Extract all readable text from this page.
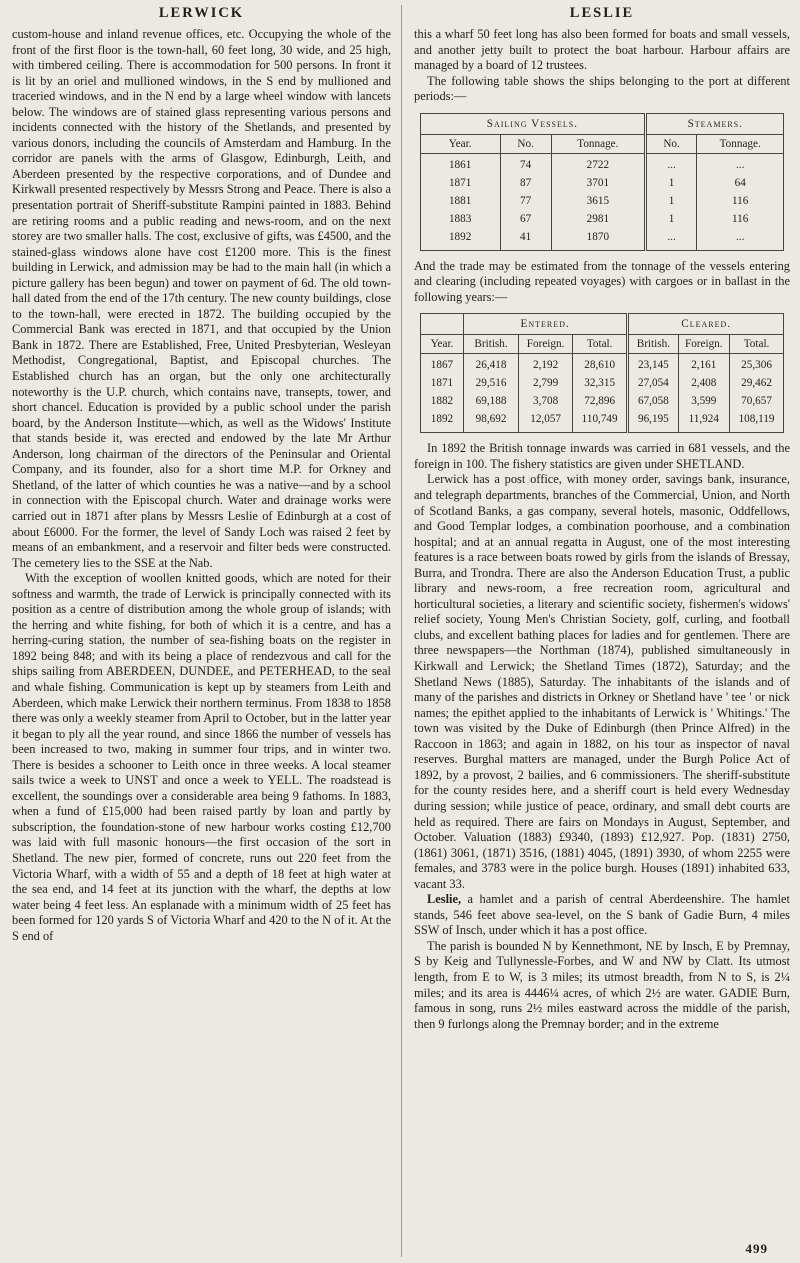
LERWICK

custom-house and inland revenue offices, etc. Occupying the whole of the front of the first floor is the town-hall, 60 feet long, 30 wide, and 25 high, with timbered ceiling. There is accommodation for 500 persons. In front it is lit by an oriel and mullioned windows, in the S end by mullioned and traceried windows, and in the N end by a large wheel window with lancets below. The windows are of stained glass representing various persons and incidents connected with the history of the Shetlands, and presented by various donors, including the councils of Amsterdam and Hamburg. In the corridor are panels with the arms of Glasgow, Edinburgh, Leith, and Aberdeen presented by the respective corporations, and of Dundee and Kirkwall presented respectively by Messrs Strong and Peace. There is also a presentation portrait of Sheriff-substitute Rampini painted in 1883. Behind are retiring rooms and a public reading and news-room, and on the next storey are two smaller halls. The cost, exclusive of gifts, was £4500, and the stained-glass windows alone have cost £1200 more. This is the finest building in Lerwick, and admission may be had to the main hall (in which a picture gallery has been begun) and tower on payment of 6d. The old town-hall dated from the end of the 17th century. The new county buildings, close to the town-hall, were erected in 1872. The building occupied by the Commercial Bank was erected in 1871, and that occupied by the Union Bank in 1872. There are Established, Free, United Presbyterian, Wesleyan Methodist, Congregational, Baptist, and Episcopal churches. The Established church has an organ, but the only one architecturally noteworthy is the U.P. church, which contains nave, transepts, tower, and short chancel. Education is provided by a public school under the parish board, by the Anderson Institute—which, as well as the Widows' Institute that stands beside it, was erected and endowed by the late Mr Arthur Anderson, long chairman of the directors of the Peninsular and Oriental Company, and its founder, also for a short time M.P. for Orkney and Shetland, of the latter of which counties he was a native—and by a school in connection with the Episcopal church. Water and drainage works were carried out in 1871 after plans by Messrs Leslie of Edinburgh at a cost of about £6000. For the former, the level of Sandy Loch was raised 2 feet by means of an embankment, and a reservoir and filter beds were constructed. The cemetery lies to the SSE at the Nab.

With the exception of woollen knitted goods, which are noted for their softness and warmth, the trade of Lerwick is principally connected with its position as a centre of distribution among the whole group of islands; with the herring and white fishing, for both of which it is a centre, and has a herring-curing station, the number of sea-fishing boats on the register in 1892 being 848; and with its being a place of rendezvous and call for the ships sailing from ABERDEEN, DUNDEE, and PETERHEAD, to the seal and whale fishing. Communication is kept up by steamers from Leith and Aberdeen, which make Lerwick their northern terminus. From 1838 to 1858 there was only a weekly steamer from April to October, but in the latter year it began to ply all the year round, and since 1866 the number of vessels has been increased to two, making in summer four trips, and in winter two. There is besides a schooner to Leith once in three weeks. A local steamer sails twice a week to UNST and once a week to YELL. The roadstead is excellent, the soundings over a considerable area being 9 fathoms. In 1883, when a fund of £15,000 had been raised partly by loan and partly by subscription, the foundation-stone of new harbour works costing £12,700 was laid with full masonic honours—the first occasion of the sort in Shetland. The new pier, formed of concrete, runs out 220 feet from the Victoria Wharf, with a width of 55 and a depth of 18 feet at high water at the sea end, and 14 feet at its junction with the wharf, the depths at low water being 4 feet less. An esplanade with a minimum width of 25 feet has been formed for 120 yards S of Victoria Wharf and 420 to the N of it. At the S end of

LESLIE

this a wharf 50 feet long has also been formed for boats and small vessels, and another jetty built to protect the boat harbour. Harbour affairs are managed by a board of 12 trustees.

The following table shows the ships belonging to the port at different periods:—

Sailing Vessels.			Steamers.	
Year.	No.	Tonnage.	No.	Tonnage.
1861	74	2722	...	...
1871	87	3701	1	64
1881	77	3615	1	116
1883	67	2981	1	116
1892	41	1870	...	...

And the trade may be estimated from the tonnage of the vessels entering and clearing (including repeated voyages) with cargoes or in ballast in the following years:—

	Entered.			Cleared.		
Year.	British.	Foreign.	Total.	British.	Foreign.	Total.
1867	26,418	2,192	28,610	23,145	2,161	25,306
1871	29,516	2,799	32,315	27,054	2,408	29,462
1882	69,188	3,708	72,896	67,058	3,599	70,657
1892	98,692	12,057	110,749	96,195	11,924	108,119

In 1892 the British tonnage inwards was carried in 681 vessels, and the foreign in 100. The fishery statistics are given under SHETLAND.

Lerwick has a post office, with money order, savings bank, insurance, and telegraph departments, branches of the Commercial, Union, and North of Scotland Banks, a gas company, several hotels, masonic, Oddfellows, and Good Templar lodges, a combination poorhouse, and a combination hospital; and at an annual regatta in August, one of the most interesting features is a race between boats rowed by girls from the islands of Bressay, Burra, and Trondra. There are also the Anderson Education Trust, a public library and news-room, a free recreation room, agricultural and horticultural societies, a literary and scientific society, fishermen's widows' relief society, Young Men's Christian Society, golf, curling, and football clubs, and excellent bathing places for ladies and for gentlemen. There are three newspapers—the Northman (1874), published simultaneously in Kirkwall and Lerwick; the Shetland Times (1872), Saturday; and the Shetland News (1885), Saturday. The inhabitants of the islands and of many of the parishes and districts in Orkney or Shetland have ' tee ' or nick names; the epithet applied to the inhabitants of Lerwick is ' Whitings.' The town was visited by the Duke of Edinburgh (then Prince Alfred) in the Raccoon in 1863; and again in 1882, on his tour as inspector of naval reserves. Burghal matters are managed, under the Burgh Police Act of 1892, by a provost, 2 bailies, and 6 commissioners. The sheriff-substitute for the county resides here, and a sheriff court is held every Wednesday during session; while justice of peace, ordinary, and small debt courts are held as required. There are fairs on Mondays in August, September, and October. Valuation (1883) £9340, (1893) £12,927. Pop. (1831) 2750, (1861) 3061, (1871) 3516, (1881) 4045, (1891) 3930, of whom 2255 were females, and 3783 were in the police burgh. Houses (1891) inhabited 633, vacant 33.

Leslie, a hamlet and a parish of central Aberdeenshire. The hamlet stands, 546 feet above sea-level, on the S bank of Gadie Burn, 4 miles SSW of Insch, under which it has a post office.

The parish is bounded N by Kennethmont, NE by Insch, E by Premnay, S by Keig and Tullynessle-Forbes, and W and NW by Clatt. Its utmost length, from E to W, is 3 miles; its utmost breadth, from N to S, is 2¼ miles; and its area is 4446¼ acres, of which 2½ are water. GADIE Burn, famous in song, runs 2½ miles eastward across the middle of the parish, then 9 furlongs along the Premnay border; and in the extreme

499
